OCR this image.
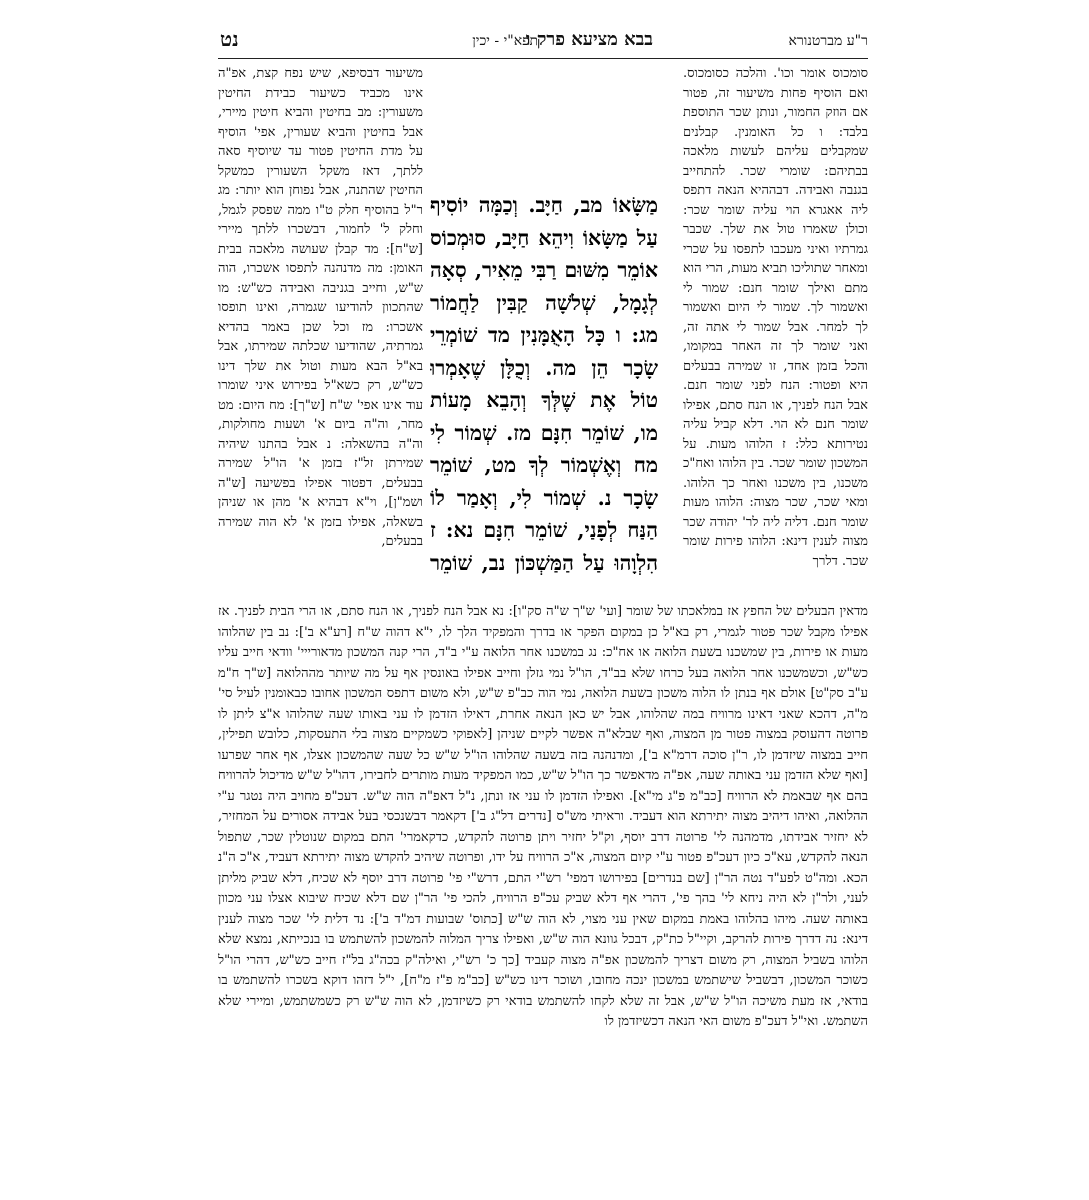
ר"ע מברטנורא
בבא מציעא פרק ו
תפא"י - יכין
נט

סומכוס אומר וכו'. והלכה כסומכוס. ואם הוסיף פחות משיעור זה, פטור אם הוזק החמור, ונותן שכר התוספת בלבד: ו כל האומנין. קבלנים שמקבלים עליהם לעשות מלאכה בבתיהם: שומרי שכר. להתחייב בגנבה ואבידה. דבההיא הנאה דתפס ליה אאגרא הוי עליה שומר שכר: וכולן שאמרו טול את שלך. שכבר גמרתיו ואיני מעכבו לתפסו על שכרי ומאחר שתוליכו תביא מעות, הרי הוא מתם ואילך שומר חנם: שמור לי ואשמור לך. שמור לי היום ואשמור לך למחר. אבל שמור לי אתה זה, ואני שומר לך זה האחר במקומו, והכל בזמן אחד, זו שמירה בבעלים היא ופטור: הנח לפני שומר חנם. אבל הנח לפניך, או הנח סתם, אפילו שומר חנם לא הוי. דלא קביל עליה נטירותא כלל: ז הלוהו מעות. על המשכון שומר שכר. בין הלוהו ואח"כ משכנו, בין משכנו ואחר כך הלוהו. ומאי שכר, שכר מצוה: הלוהו מעות שומר חנם. דליה ליה לר' יהודה שכר מצוה לענין דינא: הלוהו פירות שומר שכר. דלרך

משיעור דבסיפא, שיש נפח קצת, אפ"ה אינו מכביד כשיעור כבידת החיטין משעורין: מב בחיטין והביא חיטין מיירי, אבל בחיטין והביא שעורין, אפי' הוסיף על מדת החיטין פטור עד שיוסיף סאה ללתך, דאז משקל השעורין כמשקל החיטין שהתנה, אבל נפוחן הוא יותר: מג ר"ל בהוסיף חלק ט"ו ממה שפסק לגמל, וחלק ל' לחמור, דבשכרו ללתך מיירי [ש"ח]: מד קבלן שעושה מלאכה בבית האומן: מה מדנהנה לתפסו אשכרו, הוה ש"ש, וחייב בגניבה ואבידה כש"ש: מו שהתכוון להודיעו שגמרה, ואינו תופסו אשכרו: מז וכל שכן באמר בהדיא גמרתיה, שהודיעו שכלתה שמירתו, אבל בא"ל הבא מעות וטול את שלך דינו כש"ש, רק כשא"ל בפירוש איני שומרו עוד אינו אפי' ש"ח [ש"ך]: מח היום: מט מחר, וה"ה ביום א' ושעות מחולקות, וה"ה בהשאלה: נ אבל בהתנו שיהיה שמירתן זל"ז בזמן א' הו"ל שמירה בבעלים, דפטור אפילו בפשיעה [ש"ה ושמ"ן], וי"א דבהיא א' מהן או שניהן בשאלה, אפילו בזמן א' לא הוה שמירה בבעלים,

מַשָּׂאוֹ מב, חַיָּב. וְכַמָּה יוֹסִיף עַל מַשָּׂאוֹ וִיהֵא חַיָּב, סוּמְכוֹס אוֹמֵר מִשּׁוּם רַבִּי מֵאִיר, סְאָה לְגָמָל, שְׁלֹשָׁה קַבִּין לַחֲמוֹר מג: ו כָּל הָאֻמָּנִין מד שׁוֹמְרֵי שָׂכָר הֵן מה. וְכֻלָּן שֶׁאָמְרוּ טוֹל אֶת שֶׁלְּךָ וְהָבֵא מָעוֹת מו, שׁוֹמֵר חִנָּם מז. שְׁמוֹר לִי מח וְאֶשְׁמוֹר לְךָ מט, שׁוֹמֵר שָׂכָר נ. שְׁמוֹר לִי, וְאָמַר לוֹ הַנַּח לְפָנַי, שׁוֹמֵר חִנָּם נא: ז הִלְוָהוּ עַל הַמַּשְׁכּוֹן נב, שׁוֹמֵר

מדאין הבעלים של החפץ אז במלאכתו של שומר [ועי' ש"ך ש"ה סק"ו]: נא אבל הנח לפניך, או הנח סתם, או הרי הבית לפניך. אז אפילו מקבל שכר פטור לגמרי, רק בא"ל כן במקום הפקר או בדרך והמפקיד הלך לו, י"א דהוה ש"ח [רע"א ב']: נב בין שהלוהו מעות או פירות, בין שמשכנו בשעת הלואה או אח"כ: נג במשכנו אחר הלואה ע"י ב"ד, הרי קנה המשכון מדאורייי' וודאי חייב עליו כש"ש, וכשמשכנו אחר הלואה בעל כרחו שלא בב"ד, הו"ל נמי גזלן וחייב אפילו באונסין אף על מה שיותר מההלואה [ש"ך ח"מ ע"ב סק"ט] אולם אף בנתן לו הלוה משכון בשעת הלואה, נמי הוה כב"פ ש"ש, ולא משום דתפס המשכון אחובו כבאומנין לעיל סי' מ"ה, דהכא שאני דאינו מרוויח במה שהלוהו, אבל יש כאן הנאה אחרת, דאילו הזדמן לו עני באותו שעה שהלוהו א"צ ליתן לו פרוטה דהעוסק במצוה פטור מן המצוה, ואף שבלא"ה אפשר לקיים שניהן [לאפוקי כשמקיים מצוה בלי התעסקות, כלובש תפילין, חייב במצוה שיזדמן לו, ר"ן סוכה דרמ"א ב'], ומדנהנה בזה בשעה שהלוהו הו"ל ש"ש כל שעה שהמשכון אצלו, אף אחר שפרעו [ואף שלא הזדמן עני באותה שעה, אפ"ה מדאפשר כך הו"ל ש"ש, כמו המפקיד מעות מותרים לחבירו, דהו"ל ש"ש מדיכול להרוויח בהם אף שבאמת לא הרוויח [כב"מ פ"ג מי"א]. ואפילו הזדמן לו עני אז ונתן, נ"ל דאפ"ה הוה ש"ש. דעכ"פ מחויב היה נטגר ע"י ההלואה, ואיהו דיהיב מצוה יתירתא הוא דעביד. וראיתי מש"ס [נדרים דל"ג ב'] דקאמר דבשנכסי בעל אבידה אסורים על המחזיר, לא יחזיר אבידתו, מדמהנה לי' פרוטה דרב יוסף, וק"ל יחזיר ויתן פרוטה להקדש, כדקאמרי' התם במקום שנוטלין שכר, שתפול הנאה להקדש, עא"כ כיון דעכ"פ פטור ע"י קיום המצוה, א"כ הרוויח על ידו, ופרוטה שיהיב להקדש מצוה יתירתא דעביד, א"כ ה"נ הכא. ומה"ט לפע"ד נטה הר"ן [שם בנדרים] בפירושו דמפי' רש"י התם, דרש"י פי' פרוטה דרב יוסף לא שכיח, דלא שביק מליתן לעני, ולר"ן לא היה ניחא לי' בהך פי', דהרי אף דלא שביק עכ"פ הרוויח, להכי פי' הר"ן שם דלא שכיח שיבוא אצלו עני מכוון באותה שעה. מיהו בהלוהו באמת במקום שאין עני מצוי, לא הוה ש"ש [כתוס' שבועות דמ"ד ב']: נד דלית לי' שכר מצוה לענין דינא: נה דדרך פירות להרקב, וקיי"ל כת"ק, דבכל גוונא הוה ש"ש, ואפילו צריך המלוה להמשכון להשתמש בו בנכייתא, נמצא שלא הלוהו בשביל המצוה, רק משום דצריך להמשכון אפ"ה מצוה קעביד [כך כ' רש"י, ואילה"ק בכה"ג בל"ז חייב כש"ש, דהרי הו"ל כשוכר המשכון, דבשביל שישתמש במשכון ינכה מחובו, ושוכר דינו כש"ש [כב"מ פ"ז מ"ח], י"ל דזהו דוקא בשכרו להשתמש בו בודאי, אז מעת משיכה הו"ל ש"ש, אבל זה שלא לקחו להשתמש בודאי רק כשיזדמן, לא הוה ש"ש רק כשמשתמש, ומיירי שלא השתמש. ואי"ל דעכ"פ משום האי הנאה דכשיזדמן לו
